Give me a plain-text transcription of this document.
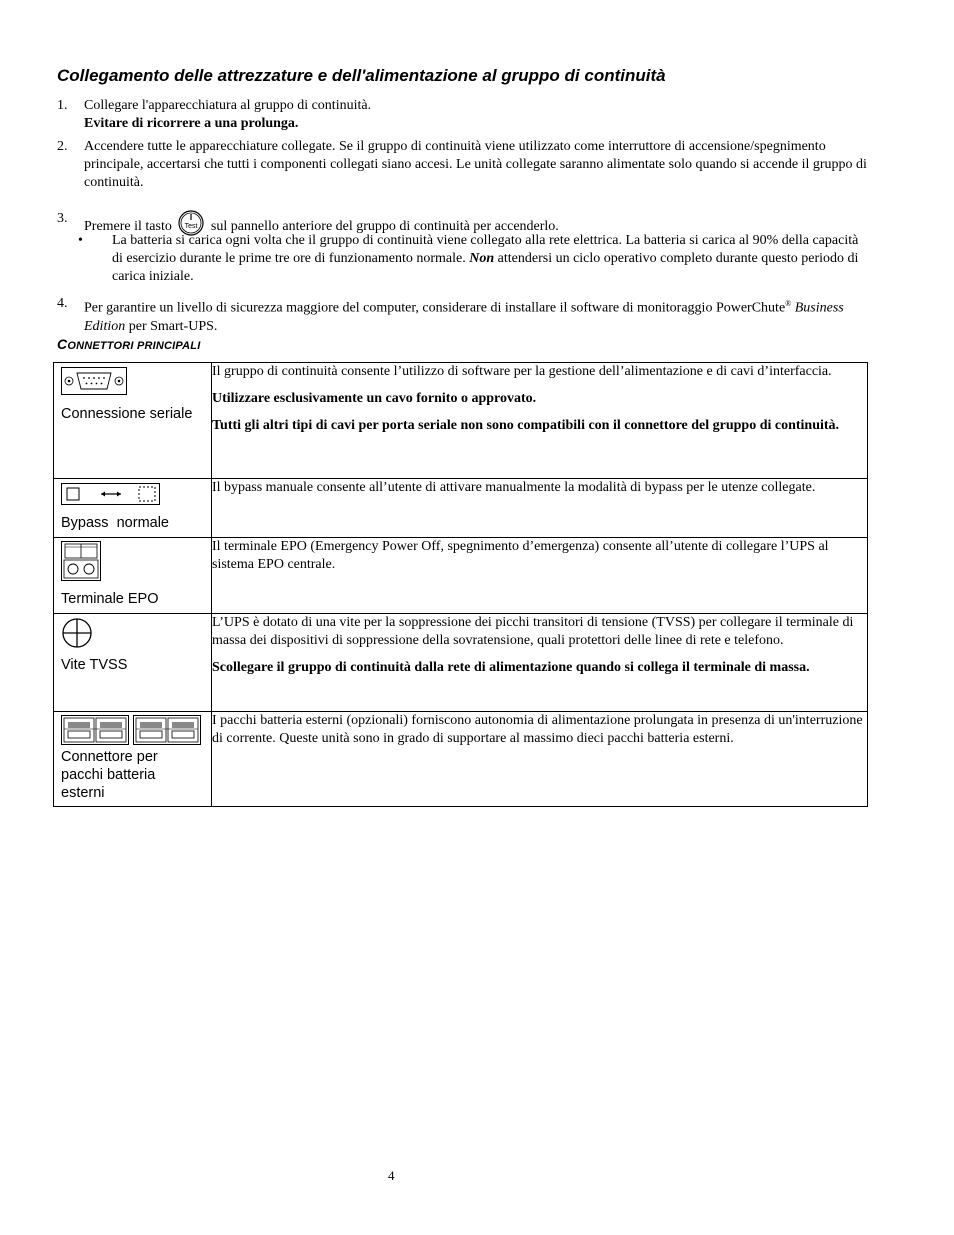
Collegamento delle attrezzature e dell'alimentazione al gruppo di continuità
1. Collegare l'apparecchiatura al gruppo di continuità.
Evitare di ricorrere a una prolunga.
2. Accendere tutte le apparecchiature collegate. Se il gruppo di continuità viene utilizzato come interruttore di accensione/spegnimento principale, accertarsi che tutti i componenti collegati siano accesi. Le unità collegate saranno alimentate solo quando si accende il gruppo di continuità.
3.
Premere il tasto Test sul pannello anteriore del gruppo di continuità per accenderlo.
• La batteria si carica ogni volta che il gruppo di continuità viene collegato alla rete elettrica. La batteria si carica al 90% della capacità di esercizio durante le prime tre ore di funzionamento normale. Non attendersi un ciclo operativo completo durante questo periodo di carica iniziale.
4. Per garantire un livello di sicurezza maggiore del computer, considerare di installare il software di monitoraggio PowerChute® Business Edition per Smart-UPS.
CONNETTORI PRINCIPALI
Connessione seriale	Il gruppo di continuità consente l’utilizzo di software per la gestione dell’alimentazione e di cavi d’interfaccia.

Utilizzare esclusivamente un cavo fornito o approvato.

Tutti gli altri tipi di cavi per porta seriale non sono compatibili con il connettore del gruppo di continuità.

Bypass  normale	Il bypass manuale consente all’utente di attivare manualmente la modalità di bypass per le utenze collegate.

Terminale EPO	Il terminale EPO (Emergency Power Off, spegnimento d’emergenza) consente all’utente di collegare l’UPS al sistema EPO centrale.

Vite TVSS	L’UPS è dotato di una vite per la soppressione dei picchi transitori di tensione (TVSS) per collegare il terminale di massa dei dispositivi di soppressione della sovratensione, quali protettori delle linee di rete e telefono.

Scollegare il gruppo di continuità dalla rete di alimentazione quando si collega il terminale di massa.

Connettore per pacchi batteria esterni	I pacchi batteria esterni (opzionali) forniscono autonomia di alimentazione prolungata in presenza di un'interruzione di corrente. Queste unità sono in grado di supportare al massimo dieci pacchi batteria esterni.

4
